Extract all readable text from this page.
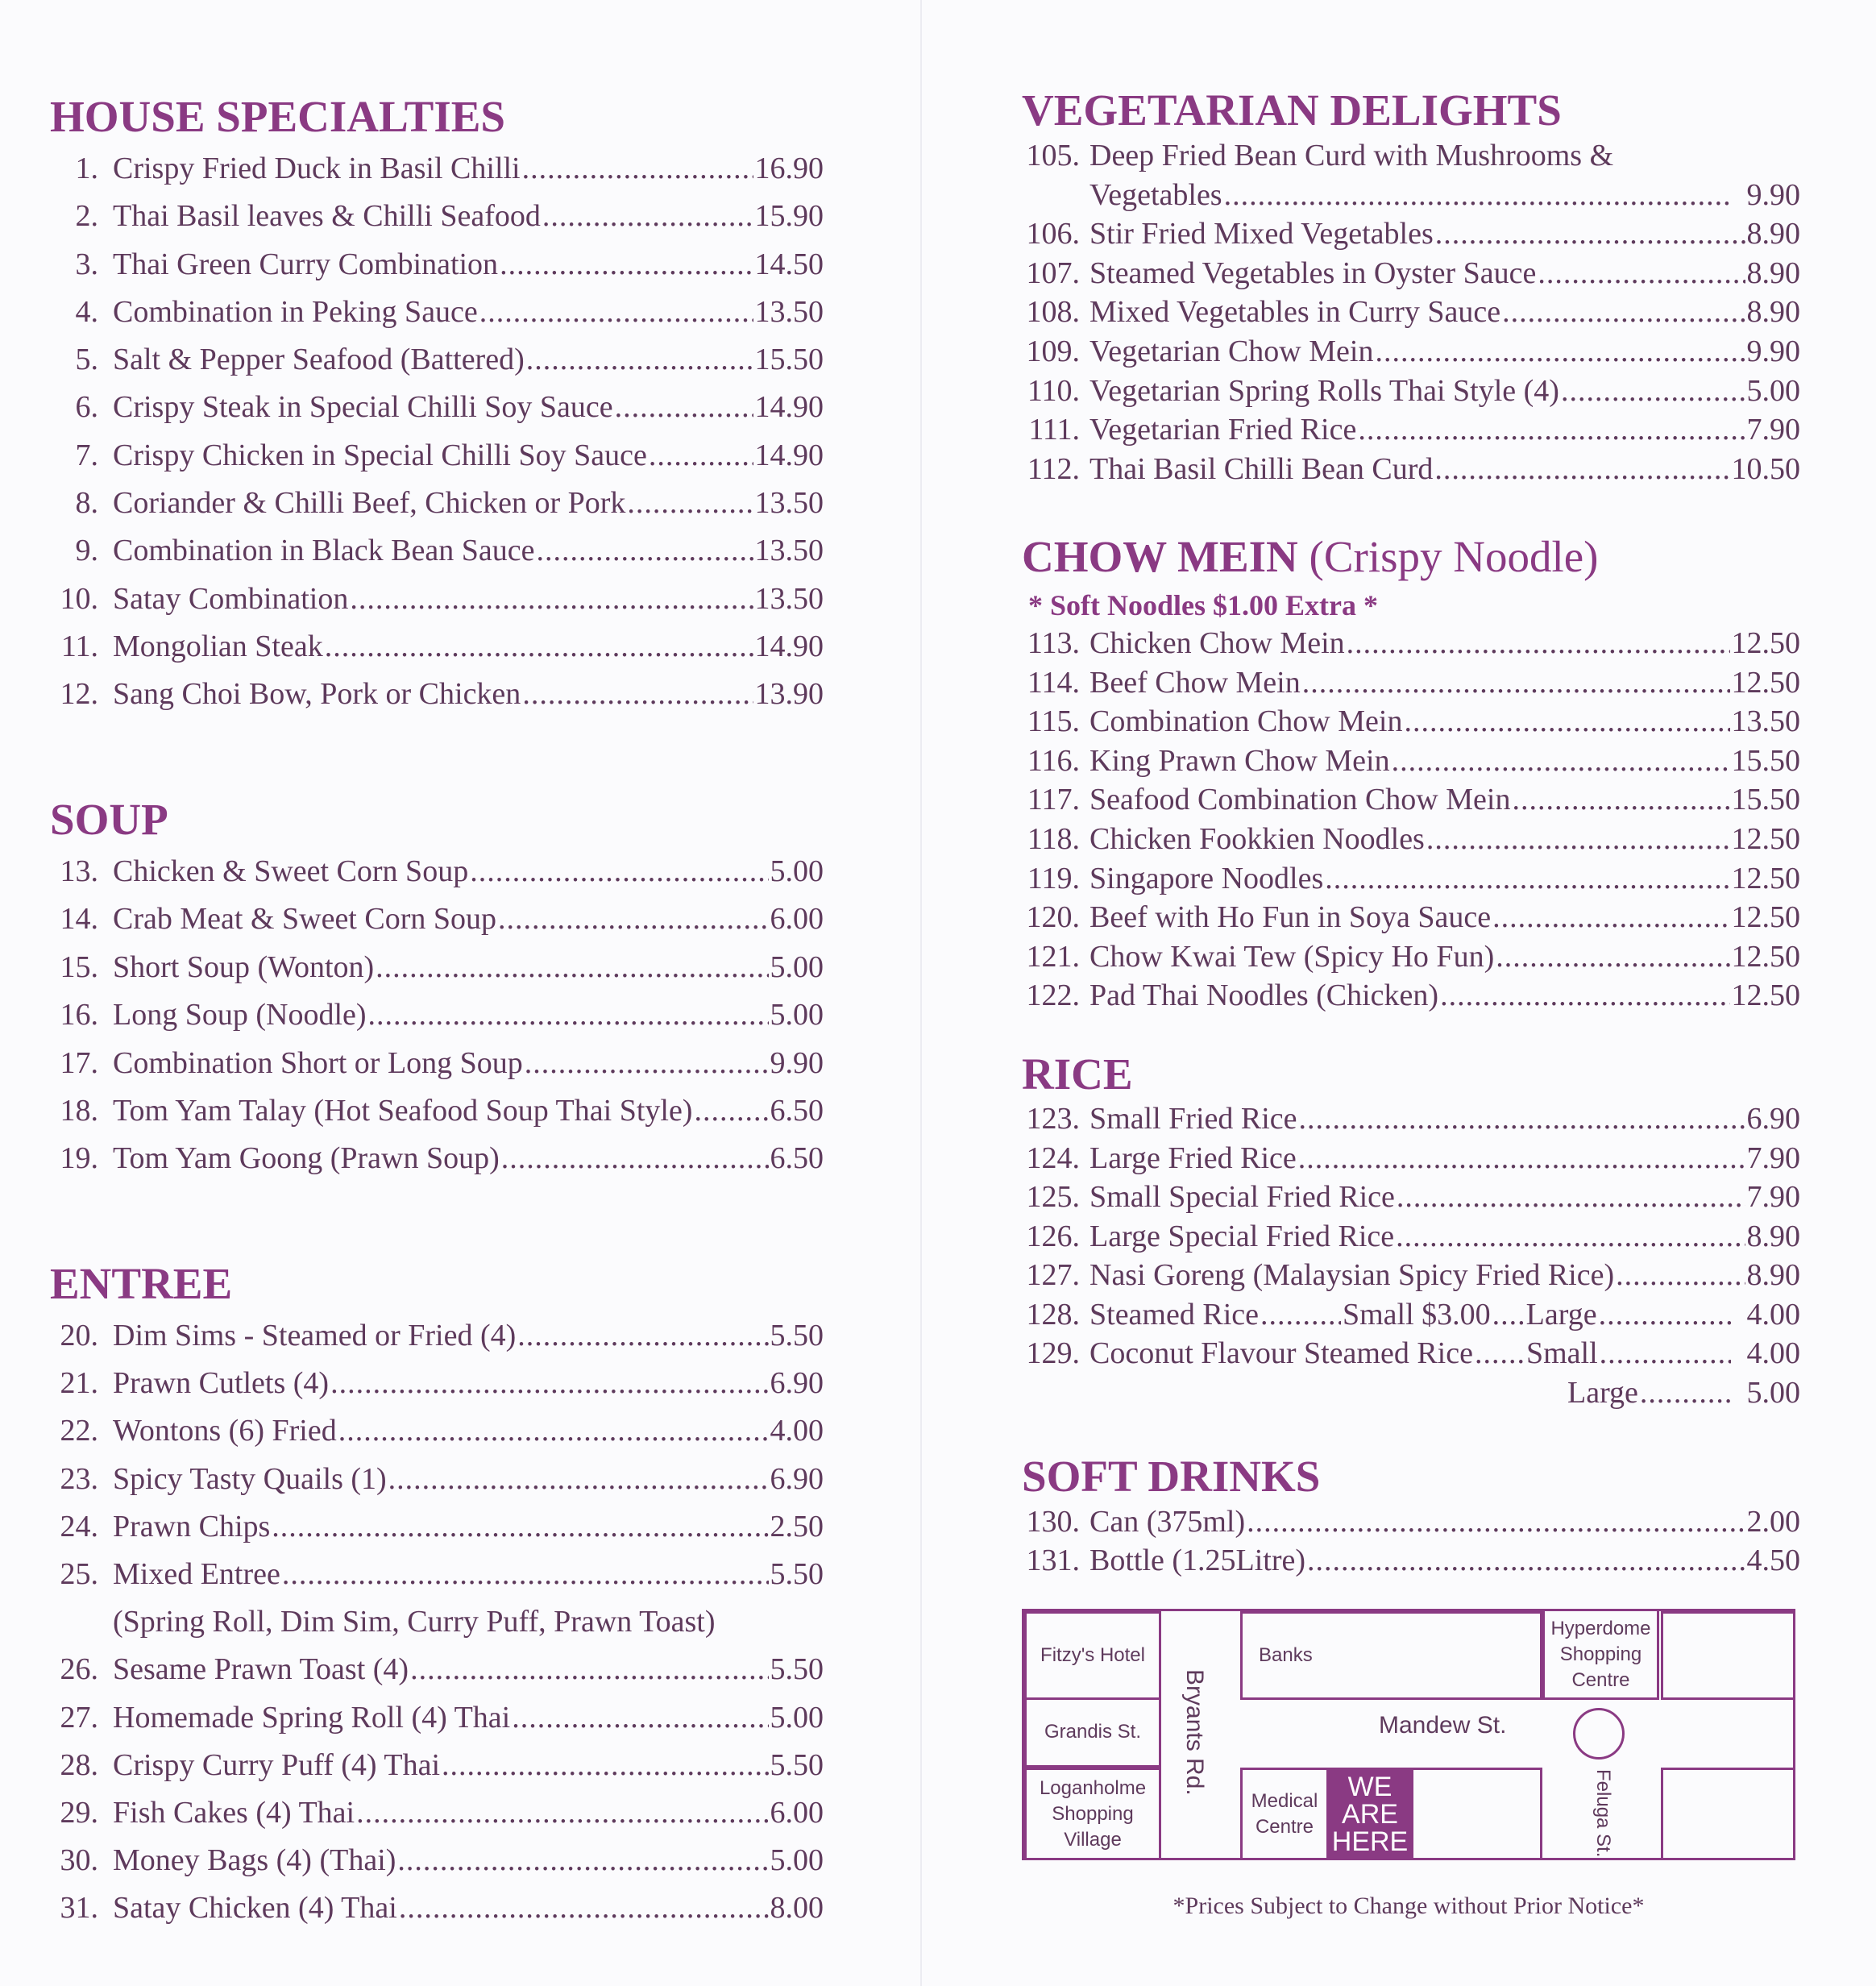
HOUSE SPECIALTIES
1. Crispy Fried Duck in Basil Chilli .....	16.90
2. Thai Basil leaves & Chilli Seafood .....	15.90
3. Thai Green Curry Combination .....	14.50
4. Combination in Peking Sauce .....	13.50
5. Salt & Pepper Seafood (Battered) .....	15.50
6. Crispy Steak in Special Chilli Soy Sauce .....	14.90
7. Crispy Chicken in Special Chilli Soy Sauce .....	14.90
8. Coriander & Chilli Beef, Chicken or Pork .....	13.50
9. Combination in Black Bean Sauce .....	13.50
10. Satay Combination .....	13.50
11. Mongolian Steak .....	14.90
12. Sang Choi Bow, Pork or Chicken .....	13.90
SOUP
13. Chicken & Sweet Corn Soup .....	5.00
14. Crab Meat & Sweet Corn Soup .....	6.00
15. Short Soup (Wonton) .....	5.00
16. Long Soup (Noodle) .....	5.00
17. Combination Short or Long Soup .....	9.90
18. Tom Yam Talay (Hot Seafood Soup Thai Style) .....	6.50
19. Tom Yam Goong (Prawn Soup) .....	6.50
ENTREE
20. Dim Sims - Steamed or Fried (4) .....	5.50
21. Prawn Cutlets (4) .....	6.90
22. Wontons (6) Fried .....	4.00
23. Spicy Tasty Quails (1) .....	6.90
24. Prawn Chips .....	2.50
25. Mixed Entree .....	5.50
(Spring Roll, Dim Sim, Curry Puff, Prawn Toast)
26. Sesame Prawn Toast (4) .....	5.50
27. Homemade Spring Roll (4) Thai .....	5.00
28. Crispy Curry Puff (4) Thai .....	5.50
29. Fish Cakes (4) Thai .....	6.00
30. Money Bags (4) (Thai) .....	5.00
31. Satay Chicken (4) Thai .....	8.00
VEGETARIAN DELIGHTS
105. Deep Fried Bean Curd with Mushrooms &
Vegetables .....	9.90
106. Stir Fried Mixed Vegetables .....	8.90
107. Steamed Vegetables in Oyster Sauce .....	8.90
108. Mixed Vegetables in Curry Sauce .....	8.90
109. Vegetarian Chow Mein .....	9.90
110. Vegetarian Spring Rolls Thai Style (4) .....	5.00
111. Vegetarian Fried Rice .....	7.90
112. Thai Basil Chilli Bean Curd .....	10.50
CHOW MEIN (Crispy Noodle)
* Soft Noodles $1.00 Extra *
113. Chicken Chow Mein .....	12.50
114. Beef Chow Mein .....	12.50
115. Combination Chow Mein .....	13.50
116. King Prawn Chow Mein .....	15.50
117. Seafood Combination Chow Mein .....	15.50
118. Chicken Fookkien Noodles .....	12.50
119. Singapore Noodles .....	12.50
120. Beef with Ho Fun in Soya Sauce .....	12.50
121. Chow Kwai Tew (Spicy Ho Fun) .....	12.50
122. Pad Thai Noodles (Chicken) .....	12.50
RICE
123. Small Fried Rice .....	6.90
124. Large Fried Rice .....	7.90
125. Small Special Fried Rice .....	7.90
126. Large Special Fried Rice .....	8.90
127. Nasi Goreng (Malaysian Spicy Fried Rice) .....	8.90
128. Steamed Rice .....	Small $3.00 ..... Large .....	4.00
129. Coconut Flavour Steamed Rice ..... Small .....	4.00
Large .....	5.00
SOFT DRINKS
130. Can (375ml) .....	2.00
131. Bottle (1.25Litre) .....	4.50
Fitzy's Hotel	Banks
Hyperdome Shopping Centre
Grandis St.
Loganholme Shopping Village
Medical Centre
WE ARE HERE
Mandew St.
Bryants Rd.
Feluga St.
*Prices Subject to Change without Prior Notice*
